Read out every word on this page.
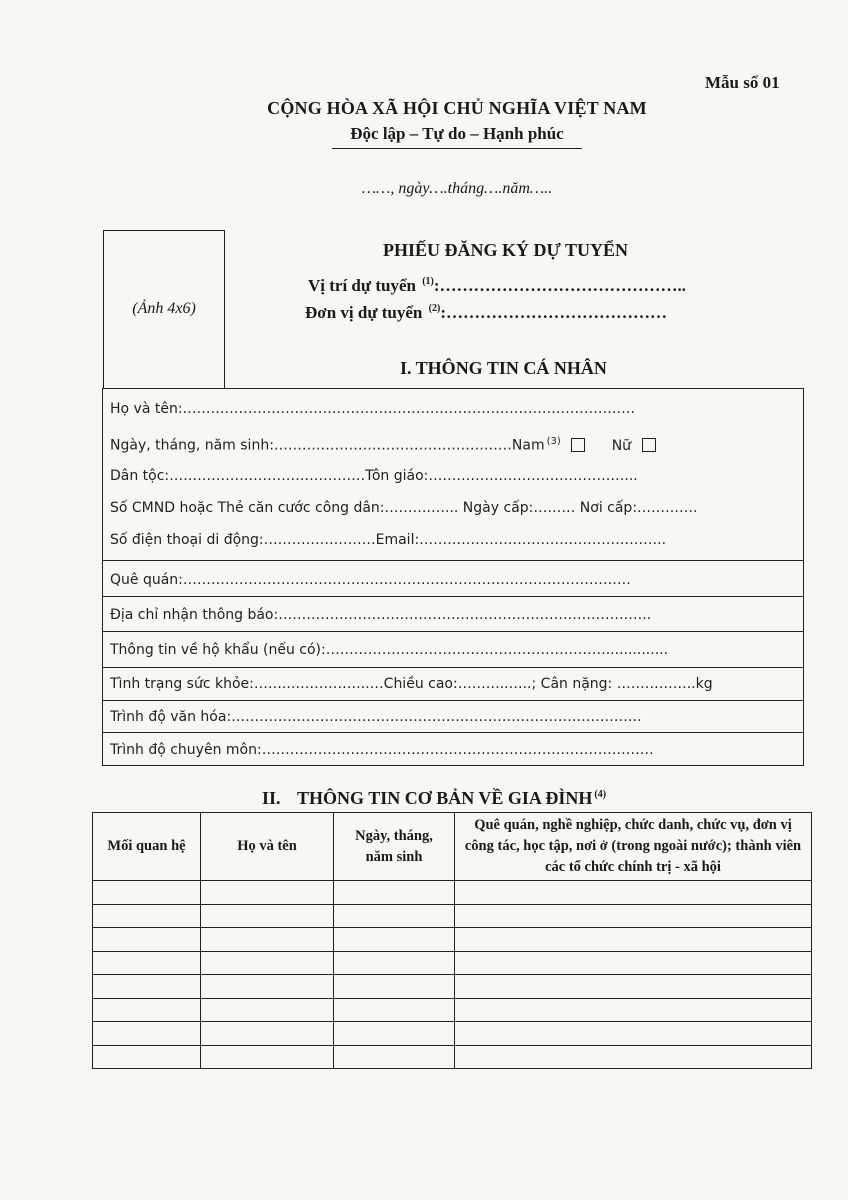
Mẫu số 01
CỘNG HÒA XÃ HỘI CHỦ NGHĨA VIỆT NAM
Độc lập – Tự do – Hạnh phúc
……, ngày….tháng….năm…..
(Ảnh 4x6)
PHIẾU ĐĂNG KÝ DỰ TUYỂN
Vị trí dự tuyển $^{(1)}$:……………………………………..
Đơn vị dự tuyển $^{(2)}$:…………………………………
I. THÔNG TIN CÁ NHÂN
Họ và tên:…………………………………………………………………………………….
Ngày, tháng, năm sinh:……………………………………………Nam $^{(3)}$	Nữ
Dân tộc:……………………………………Tôn giáo:……………………………………...
Số CMND hoặc Thẻ căn cước công dân:……….…... Ngày cấp:……… Nơi cấp:………….
Số điện thoại di động:……………………Email:……………………………………………..
Quê quán:……………………………………………………………………………………
Địa chỉ nhận thông báo:……………………………………………………………………..
Thông tin về hộ khẩu (nếu có):……………………………………………………..............
Tình trạng sức khỏe:……..……………..…Chiều cao:………..…..; Cân nặng: ……………..kg
Trình độ văn hóa:…………………………………………………………………………….
Trình độ chuyên môn:…………………………………………………………………………
II. THÔNG TIN CƠ BẢN VỀ GIA ĐÌNH $^{(4)}$
Mối quan hệ	Họ và tên	Ngày, tháng, năm sinh	Quê quán, nghề nghiệp, chức danh, chức vụ, đơn vị công tác, học tập, nơi ở (trong ngoài nước); thành viên các tổ chức chính trị - xã hội
